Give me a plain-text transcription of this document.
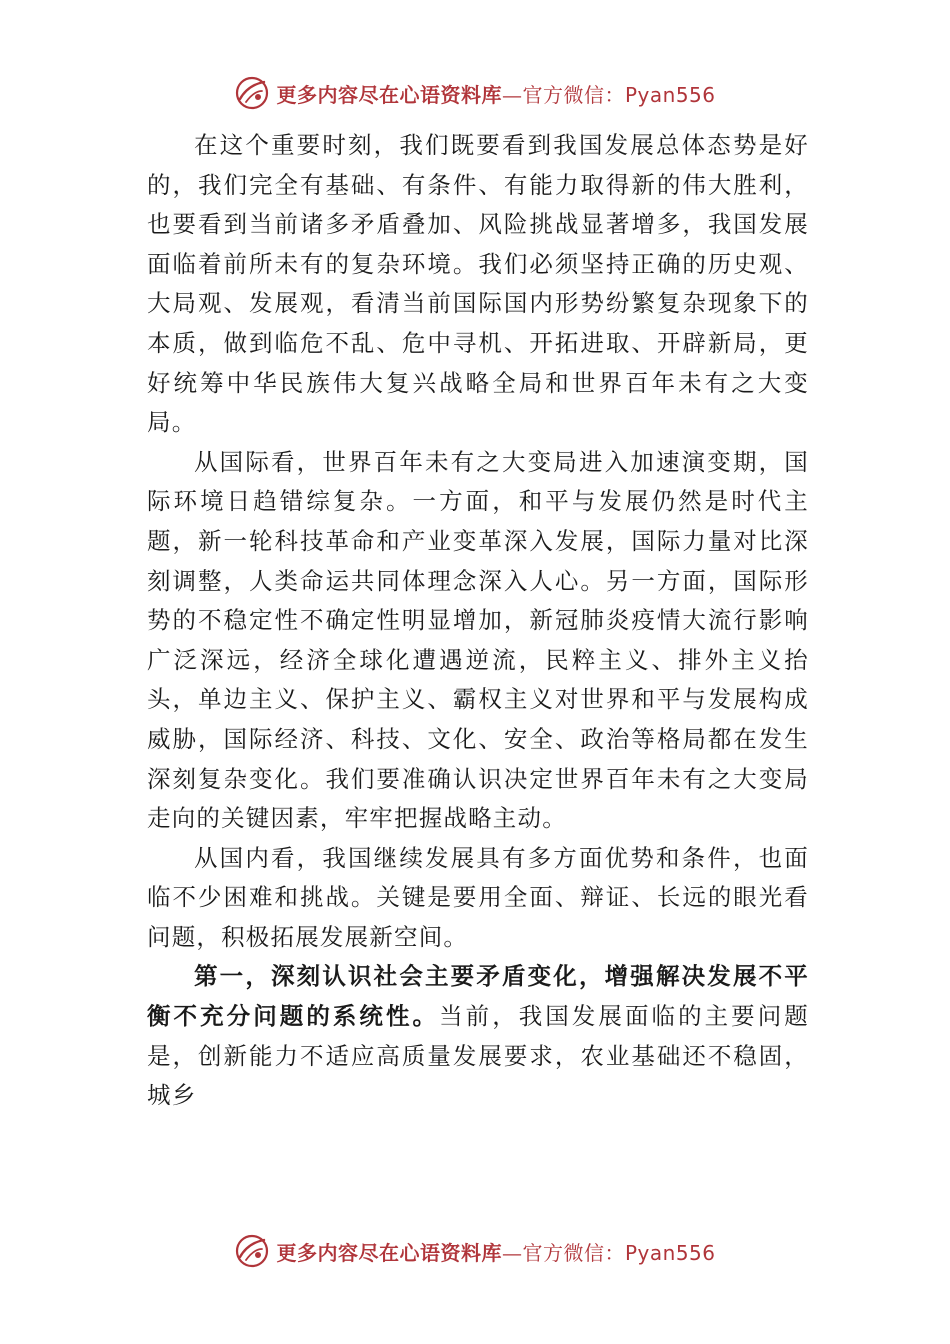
更多内容尽在心语资料库—官方微信：Pyan556

在这个重要时刻，我们既要看到我国发展总体态势是好的，我们完全有基础、有条件、有能力取得新的伟大胜利，也要看到当前诸多矛盾叠加、风险挑战显著增多，我国发展面临着前所未有的复杂环境。我们必须坚持正确的历史观、大局观、发展观，看清当前国际国内形势纷繁复杂现象下的本质，做到临危不乱、危中寻机、开拓进取、开辟新局，更好统筹中华民族伟大复兴战略全局和世界百年未有之大变局。

从国际看，世界百年未有之大变局进入加速演变期，国际环境日趋错综复杂。一方面，和平与发展仍然是时代主题，新一轮科技革命和产业变革深入发展，国际力量对比深刻调整，人类命运共同体理念深入人心。另一方面，国际形势的不稳定性不确定性明显增加，新冠肺炎疫情大流行影响广泛深远，经济全球化遭遇逆流，民粹主义、排外主义抬头，单边主义、保护主义、霸权主义对世界和平与发展构成威胁，国际经济、科技、文化、安全、政治等格局都在发生深刻复杂变化。我们要准确认识决定世界百年未有之大变局走向的关键因素，牢牢把握战略主动。

从国内看，我国继续发展具有多方面优势和条件，也面临不少困难和挑战。关键是要用全面、辩证、长远的眼光看问题，积极拓展发展新空间。

第一，深刻认识社会主要矛盾变化，增强解决发展不平衡不充分问题的系统性。当前，我国发展面临的主要问题是，创新能力不适应高质量发展要求，农业基础还不稳固，城乡

更多内容尽在心语资料库—官方微信：Pyan556
